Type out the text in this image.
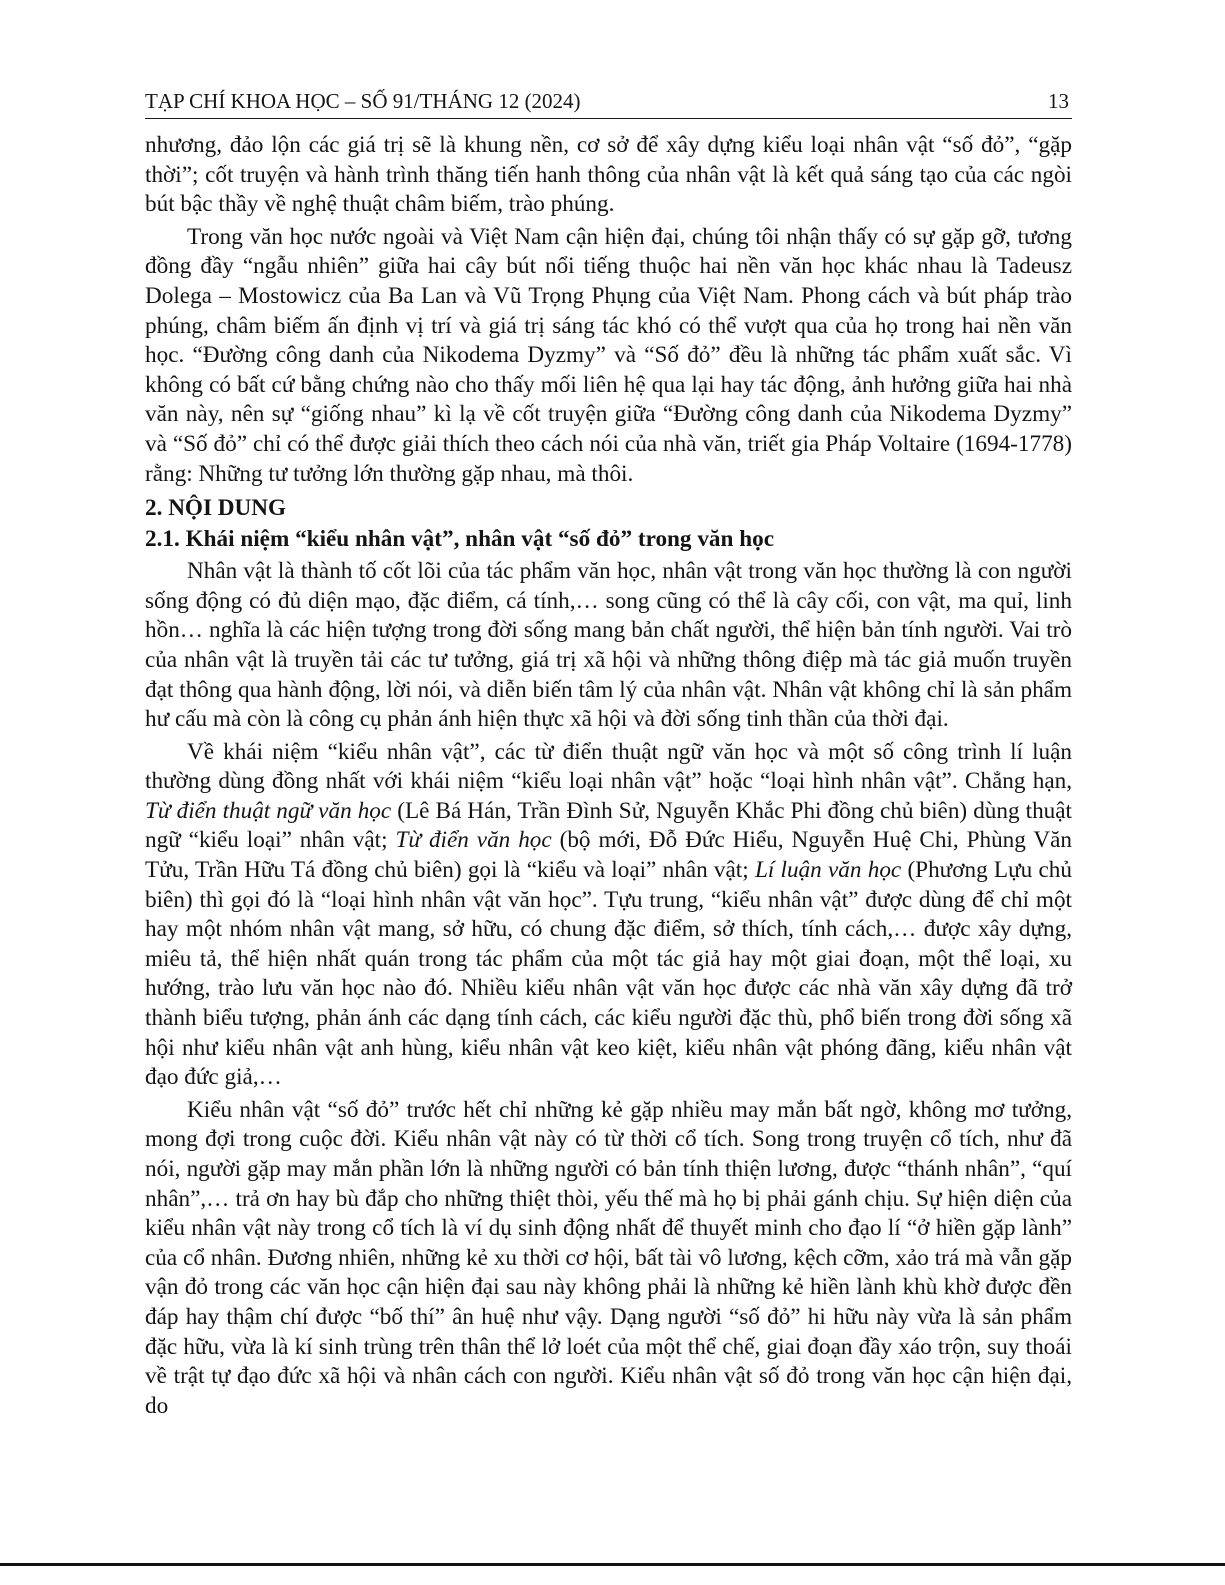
TẠP CHÍ KHOA HỌC – SỐ 91/THÁNG 12 (2024)	13

nhương, đảo lộn các giá trị sẽ là khung nền, cơ sở để xây dựng kiểu loại nhân vật “số đỏ”, “gặp thời”; cốt truyện và hành trình thăng tiến hanh thông của nhân vật là kết quả sáng tạo của các ngòi bút bậc thầy về nghệ thuật châm biếm, trào phúng.

Trong văn học nước ngoài và Việt Nam cận hiện đại, chúng tôi nhận thấy có sự gặp gỡ, tương đồng đầy “ngẫu nhiên” giữa hai cây bút nổi tiếng thuộc hai nền văn học khác nhau là Tadeusz Dolega – Mostowicz của Ba Lan và Vũ Trọng Phụng của Việt Nam. Phong cách và bút pháp trào phúng, châm biếm ấn định vị trí và giá trị sáng tác khó có thể vượt qua của họ trong hai nền văn học. “Đường công danh của Nikodema Dyzmy” và “Số đỏ” đều là những tác phẩm xuất sắc. Vì không có bất cứ bằng chứng nào cho thấy mối liên hệ qua lại hay tác động, ảnh hưởng giữa hai nhà văn này, nên sự “giống nhau” kì lạ về cốt truyện giữa “Đường công danh của Nikodema Dyzmy” và “Số đỏ” chỉ có thể được giải thích theo cách nói của nhà văn, triết gia Pháp Voltaire (1694-1778) rằng: Những tư tưởng lớn thường gặp nhau, mà thôi.

2. NỘI DUNG
2.1. Khái niệm “kiểu nhân vật”, nhân vật “số đỏ” trong văn học

Nhân vật là thành tố cốt lõi của tác phẩm văn học, nhân vật trong văn học thường là con người sống động có đủ diện mạo, đặc điểm, cá tính,… song cũng có thể là cây cối, con vật, ma quỉ, linh hồn… nghĩa là các hiện tượng trong đời sống mang bản chất người, thể hiện bản tính người. Vai trò của nhân vật là truyền tải các tư tưởng, giá trị xã hội và những thông điệp mà tác giả muốn truyền đạt thông qua hành động, lời nói, và diễn biến tâm lý của nhân vật. Nhân vật không chỉ là sản phẩm hư cấu mà còn là công cụ phản ánh hiện thực xã hội và đời sống tinh thần của thời đại.

Về khái niệm “kiểu nhân vật”, các từ điển thuật ngữ văn học và một số công trình lí luận thường dùng đồng nhất với khái niệm “kiểu loại nhân vật” hoặc “loại hình nhân vật”. Chẳng hạn, Từ điển thuật ngữ văn học (Lê Bá Hán, Trần Đình Sử, Nguyễn Khắc Phi đồng chủ biên) dùng thuật ngữ “kiểu loại” nhân vật; Từ điển văn học (bộ mới, Đỗ Đức Hiểu, Nguyễn Huệ Chi, Phùng Văn Tửu, Trần Hữu Tá đồng chủ biên) gọi là “kiểu và loại” nhân vật; Lí luận văn học (Phương Lựu chủ biên) thì gọi đó là “loại hình nhân vật văn học”. Tựu trung, “kiểu nhân vật” được dùng để chỉ một hay một nhóm nhân vật mang, sở hữu, có chung đặc điểm, sở thích, tính cách,… được xây dựng, miêu tả, thể hiện nhất quán trong tác phẩm của một tác giả hay một giai đoạn, một thể loại, xu hướng, trào lưu văn học nào đó. Nhiều kiểu nhân vật văn học được các nhà văn xây dựng đã trở thành biểu tượng, phản ánh các dạng tính cách, các kiểu người đặc thù, phổ biến trong đời sống xã hội như kiểu nhân vật anh hùng, kiểu nhân vật keo kiệt, kiểu nhân vật phóng đãng, kiểu nhân vật đạo đức giả,…

Kiểu nhân vật “số đỏ” trước hết chỉ những kẻ gặp nhiều may mắn bất ngờ, không mơ tưởng, mong đợi trong cuộc đời. Kiểu nhân vật này có từ thời cổ tích. Song trong truyện cổ tích, như đã nói, người gặp may mắn phần lớn là những người có bản tính thiện lương, được “thánh nhân”, “quí nhân”,… trả ơn hay bù đắp cho những thiệt thòi, yếu thế mà họ bị phải gánh chịu. Sự hiện diện của kiểu nhân vật này trong cổ tích là ví dụ sinh động nhất để thuyết minh cho đạo lí “ở hiền gặp lành” của cổ nhân. Đương nhiên, những kẻ xu thời cơ hội, bất tài vô lương, kệch cỡm, xảo trá mà vẫn gặp vận đỏ trong các văn học cận hiện đại sau này không phải là những kẻ hiền lành khù khờ được đền đáp hay thậm chí được “bố thí” ân huệ như vậy. Dạng người “số đỏ” hi hữu này vừa là sản phẩm đặc hữu, vừa là kí sinh trùng trên thân thể lở loét của một thể chế, giai đoạn đầy xáo trộn, suy thoái về trật tự đạo đức xã hội và nhân cách con người. Kiểu nhân vật số đỏ trong văn học cận hiện đại, do
